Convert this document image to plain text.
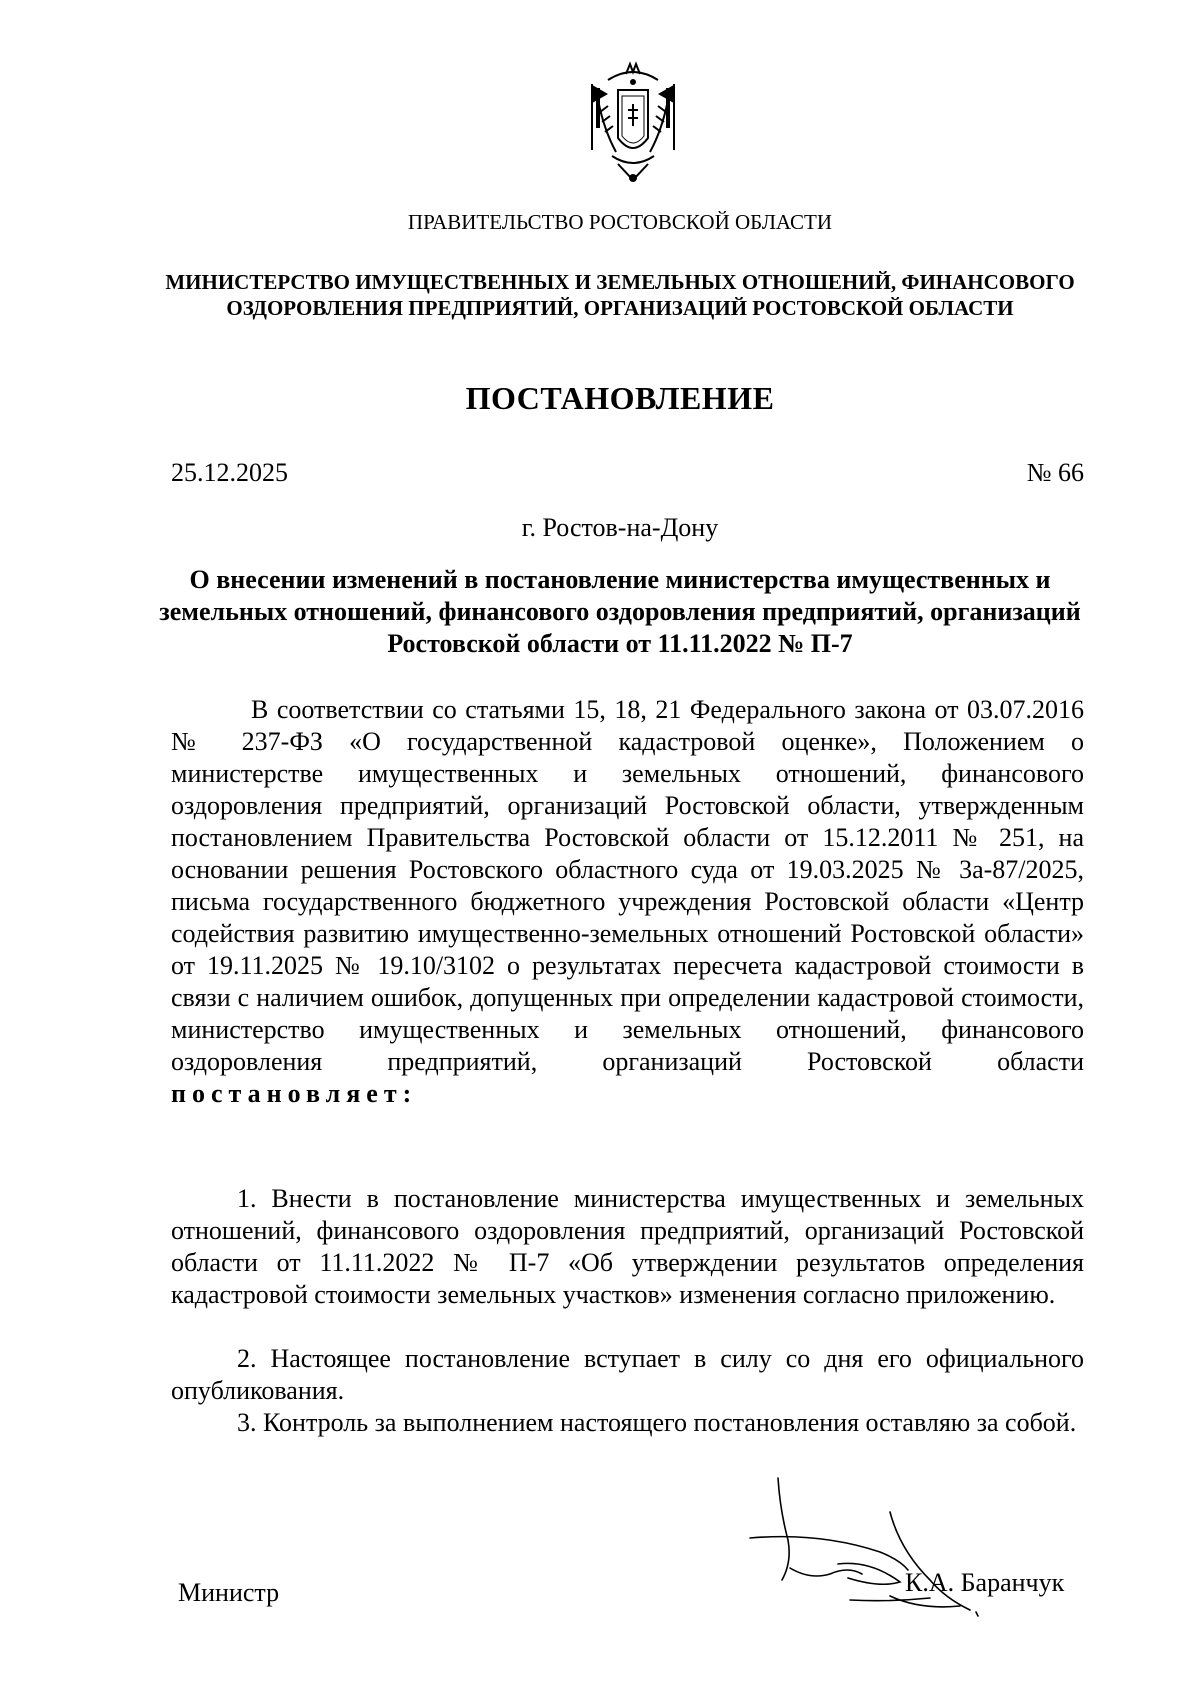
ПРАВИТЕЛЬСТВО РОСТОВСКОЙ ОБЛАСТИ
МИНИСТЕРСТВО ИМУЩЕСТВЕННЫХ И ЗЕМЕЛЬНЫХ ОТНОШЕНИЙ, ФИНАНСОВОГО ОЗДОРОВЛЕНИЯ ПРЕДПРИЯТИЙ, ОРГАНИЗАЦИЙ РОСТОВСКОЙ ОБЛАСТИ
ПОСТАНОВЛЕНИЕ
25.12.2025	№ 66
г. Ростов-на-Дону
О внесении изменений в постановление министерства имущественных и земельных отношений, финансового оздоровления предприятий, организаций Ростовской области от 11.11.2022 № П-7
В соответствии со статьями 15, 18, 21 Федерального закона от 03.07.2016 № 237-ФЗ «О государственной кадастровой оценке», Положением о министерстве имущественных и земельных отношений, финансового оздоровления предприятий, организаций Ростовской области, утвержденным постановлением Правительства Ростовской области от 15.12.2011 № 251, на основании решения Ростовского областного суда от 19.03.2025 № 3а-87/2025, письма государственного бюджетного учреждения Ростовской области «Центр содействия развитию имущественно-земельных отношений Ростовской области» от 19.11.2025 № 19.10/3102 о результатах пересчета кадастровой стоимости в связи с наличием ошибок, допущенных при определении кадастровой стоимости, министерство имущественных и земельных отношений, финансового оздоровления предприятий, организаций Ростовской области постановляет:
1. Внести в постановление министерства имущественных и земельных отношений, финансового оздоровления предприятий, организаций Ростовской области от 11.11.2022 № П-7 «Об утверждении результатов определения кадастровой стоимости земельных участков» изменения согласно приложению.
2. Настоящее постановление вступает в силу со дня его официального опубликования.
3. Контроль за выполнением настоящего постановления оставляю за собой.
Министр	К.А. Баранчук
